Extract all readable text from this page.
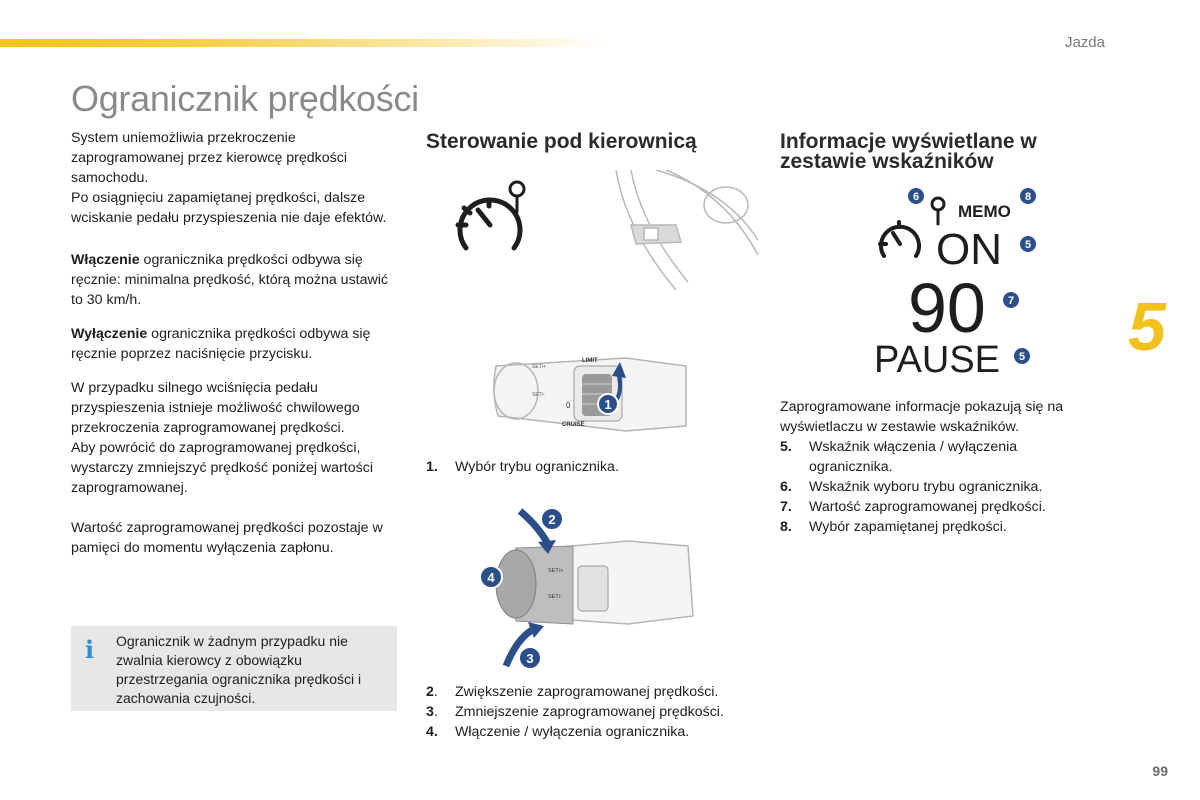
Jazda
Ogranicznik prędkości
5
99

System uniemożliwia przekroczenie zaprogramowanej przez kierowcę prędkości samochodu.

Po osiągnięciu zapamiętanej prędkości, dalsze wciskanie pedału przyspieszenia nie daje efektów.

Włączenie ogranicznika prędkości odbywa się ręcznie: minimalna prędkość, którą można ustawić to 30 km/h.

Wyłączenie ogranicznika prędkości odbywa się ręcznie poprzez naciśnięcie przycisku.

W przypadku silnego wciśnięcia pedału przyspieszenia istnieje możliwość chwilowego przekroczenia zaprogramowanej prędkości.

Aby powrócić do zaprogramowanej prędkości, wystarczy zmniejszyć prędkość poniżej wartości zaprogramowanej.

Wartość zaprogramowanej prędkości pozostaje w pamięci do momentu wyłączenia zapłonu.

i Ogranicznik w żadnym przypadku nie zwalnia kierowcy z obowiązku przestrzegania ogranicznika prędkości i zachowania czujności.
Sterowanie pod kierownicą
LIMIT
0
CRUISE
SET/+
SET/-
1
1. Wybór trybu ogranicznika.
SET/+
SET/-
2
3
4
2. Zwiększenie zaprogramowanej prędkości.
3. Zmniejszenie zaprogramowanej prędkości.
4. Włączenie / wyłączenia ogranicznika.
Informacje wyświetlane w
zestawie wskaźników
MEMO
ON
90
PAUSE
6	8
5
7
5

Zaprogramowane informacje pokazują się na wyświetlaczu w zestawie wskaźników.

5. Wskaźnik włączenia / wyłączenia ogranicznika.
6. Wskaźnik wyboru trybu ogranicznika.
7. Wartość zaprogramowanej prędkości.
8. Wybór zapamiętanej prędkości.
